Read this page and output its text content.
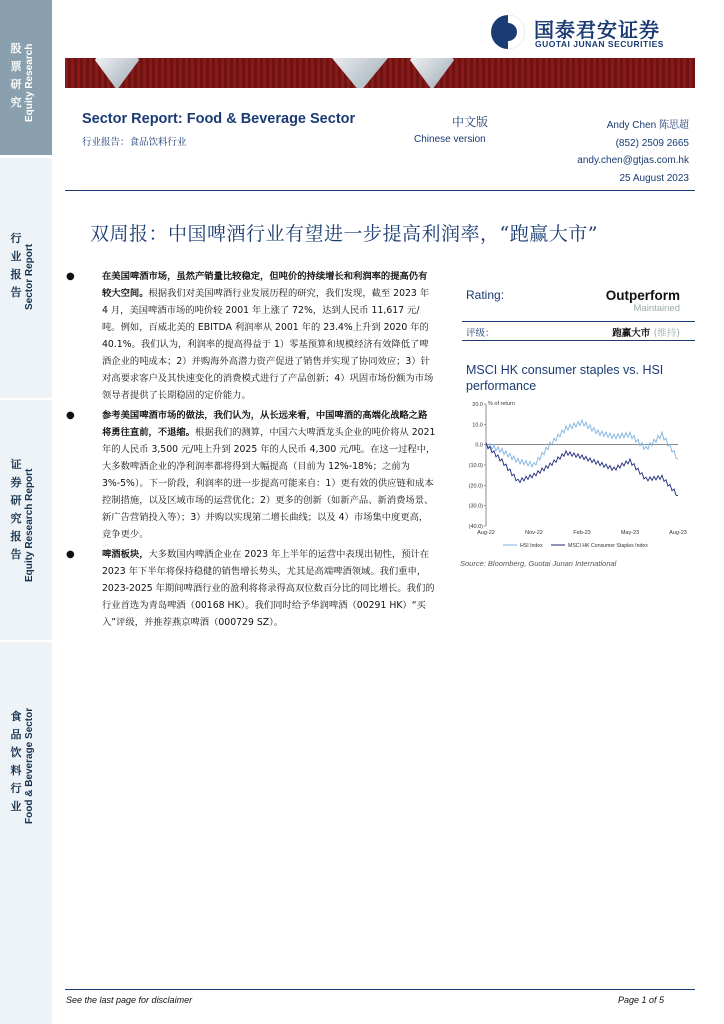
股
票
研
究 Equity Research
行
业
报
告 Sector Report
证
券
研
究
报
告 Equity Research Report
食
品
饮
料
行
业 Food & Beverage Sector
国泰君安证券
GUOTAI JUNAN SECURITIES
Sector Report: Food & Beverage Sector
行业报告：食品饮料行业
中文版
Chinese version
Andy Chen 陈思超
(852) 2509 2665
andy.chen@gtjas.com.hk
25 August 2023
双周报：中国啤酒行业有望进一步提高利润率，“跑赢大市”
●	在美国啤酒市场，虽然产销量比较稳定，但吨价的持续增长和利润率的提高仍有较大空间。根据我们对美国啤酒行业发展历程的研究，我们发现，截至 2023 年 4 月，美国啤酒市场的吨价较 2001 年上涨了 72%，达到人民币 11,617 元/吨。例如，百威北美的 EBITDA 利润率从 2001 年的 23.4%上升到 2020 年的 40.1%。我们认为，利润率的提高得益于 1）零基预算和规模经济有效降低了啤酒企业的吨成本；2）并购海外高潜力资产促进了销售并实现了协同效应；3）针对高要求客户及其快速变化的消费模式进行了产品创新；4）巩固市场份额为市场领导者提供了长期稳固的定价能力。
●	参考美国啤酒市场的做法，我们认为，从长远来看，中国啤酒的高端化战略之路将勇往直前，不退缩。根据我们的测算，中国六大啤酒龙头企业的吨价将从 2021 年的人民币 3,500 元/吨上升到 2025 年的人民币 4,300 元/吨。在这一过程中，大多数啤酒企业的净利润率都将得到大幅提高（目前为 12%-18%；之前为 3%-5%）。下一阶段，利润率的进一步提高可能来自：1）更有效的供应链和成本控制措施，以及区域市场的运营优化；2）更多的创新（如新产品、新消费场景、新广告营销投入等）；3）并购以实现第二增长曲线；以及 4）市场集中度更高，竞争更少。
●	啤酒板块，大多数国内啤酒企业在 2023 年上半年的运营中表现出韧性，预计在 2023 年下半年将保持稳健的销售增长势头，尤其是高端啤酒领域。我们重申，2023-2025 年期间啤酒行业的盈利将将录得高双位数百分比的同比增长。我们的行业首选为青岛啤酒（00168 HK）。我们同时给予华润啤酒（00291 HK）“买入”评级，并推荐燕京啤酒（000729 SZ）。
Rating:	Outperform
Maintained
评级：	跑赢大市 (维持)
MSCI HK consumer staples vs. HSI performance
% of return
20.0
10.0
0.0
(10.0)
(20.0)
(30.0)
(40.0)
Aug-22	Nov-22	Feb-23	May-23	Aug-23
HSI Index	MSCI HK Consumer Staples Index
Source: Bloomberg, Guotai Junan International
See the last page for disclaimer	Page 1 of 5
